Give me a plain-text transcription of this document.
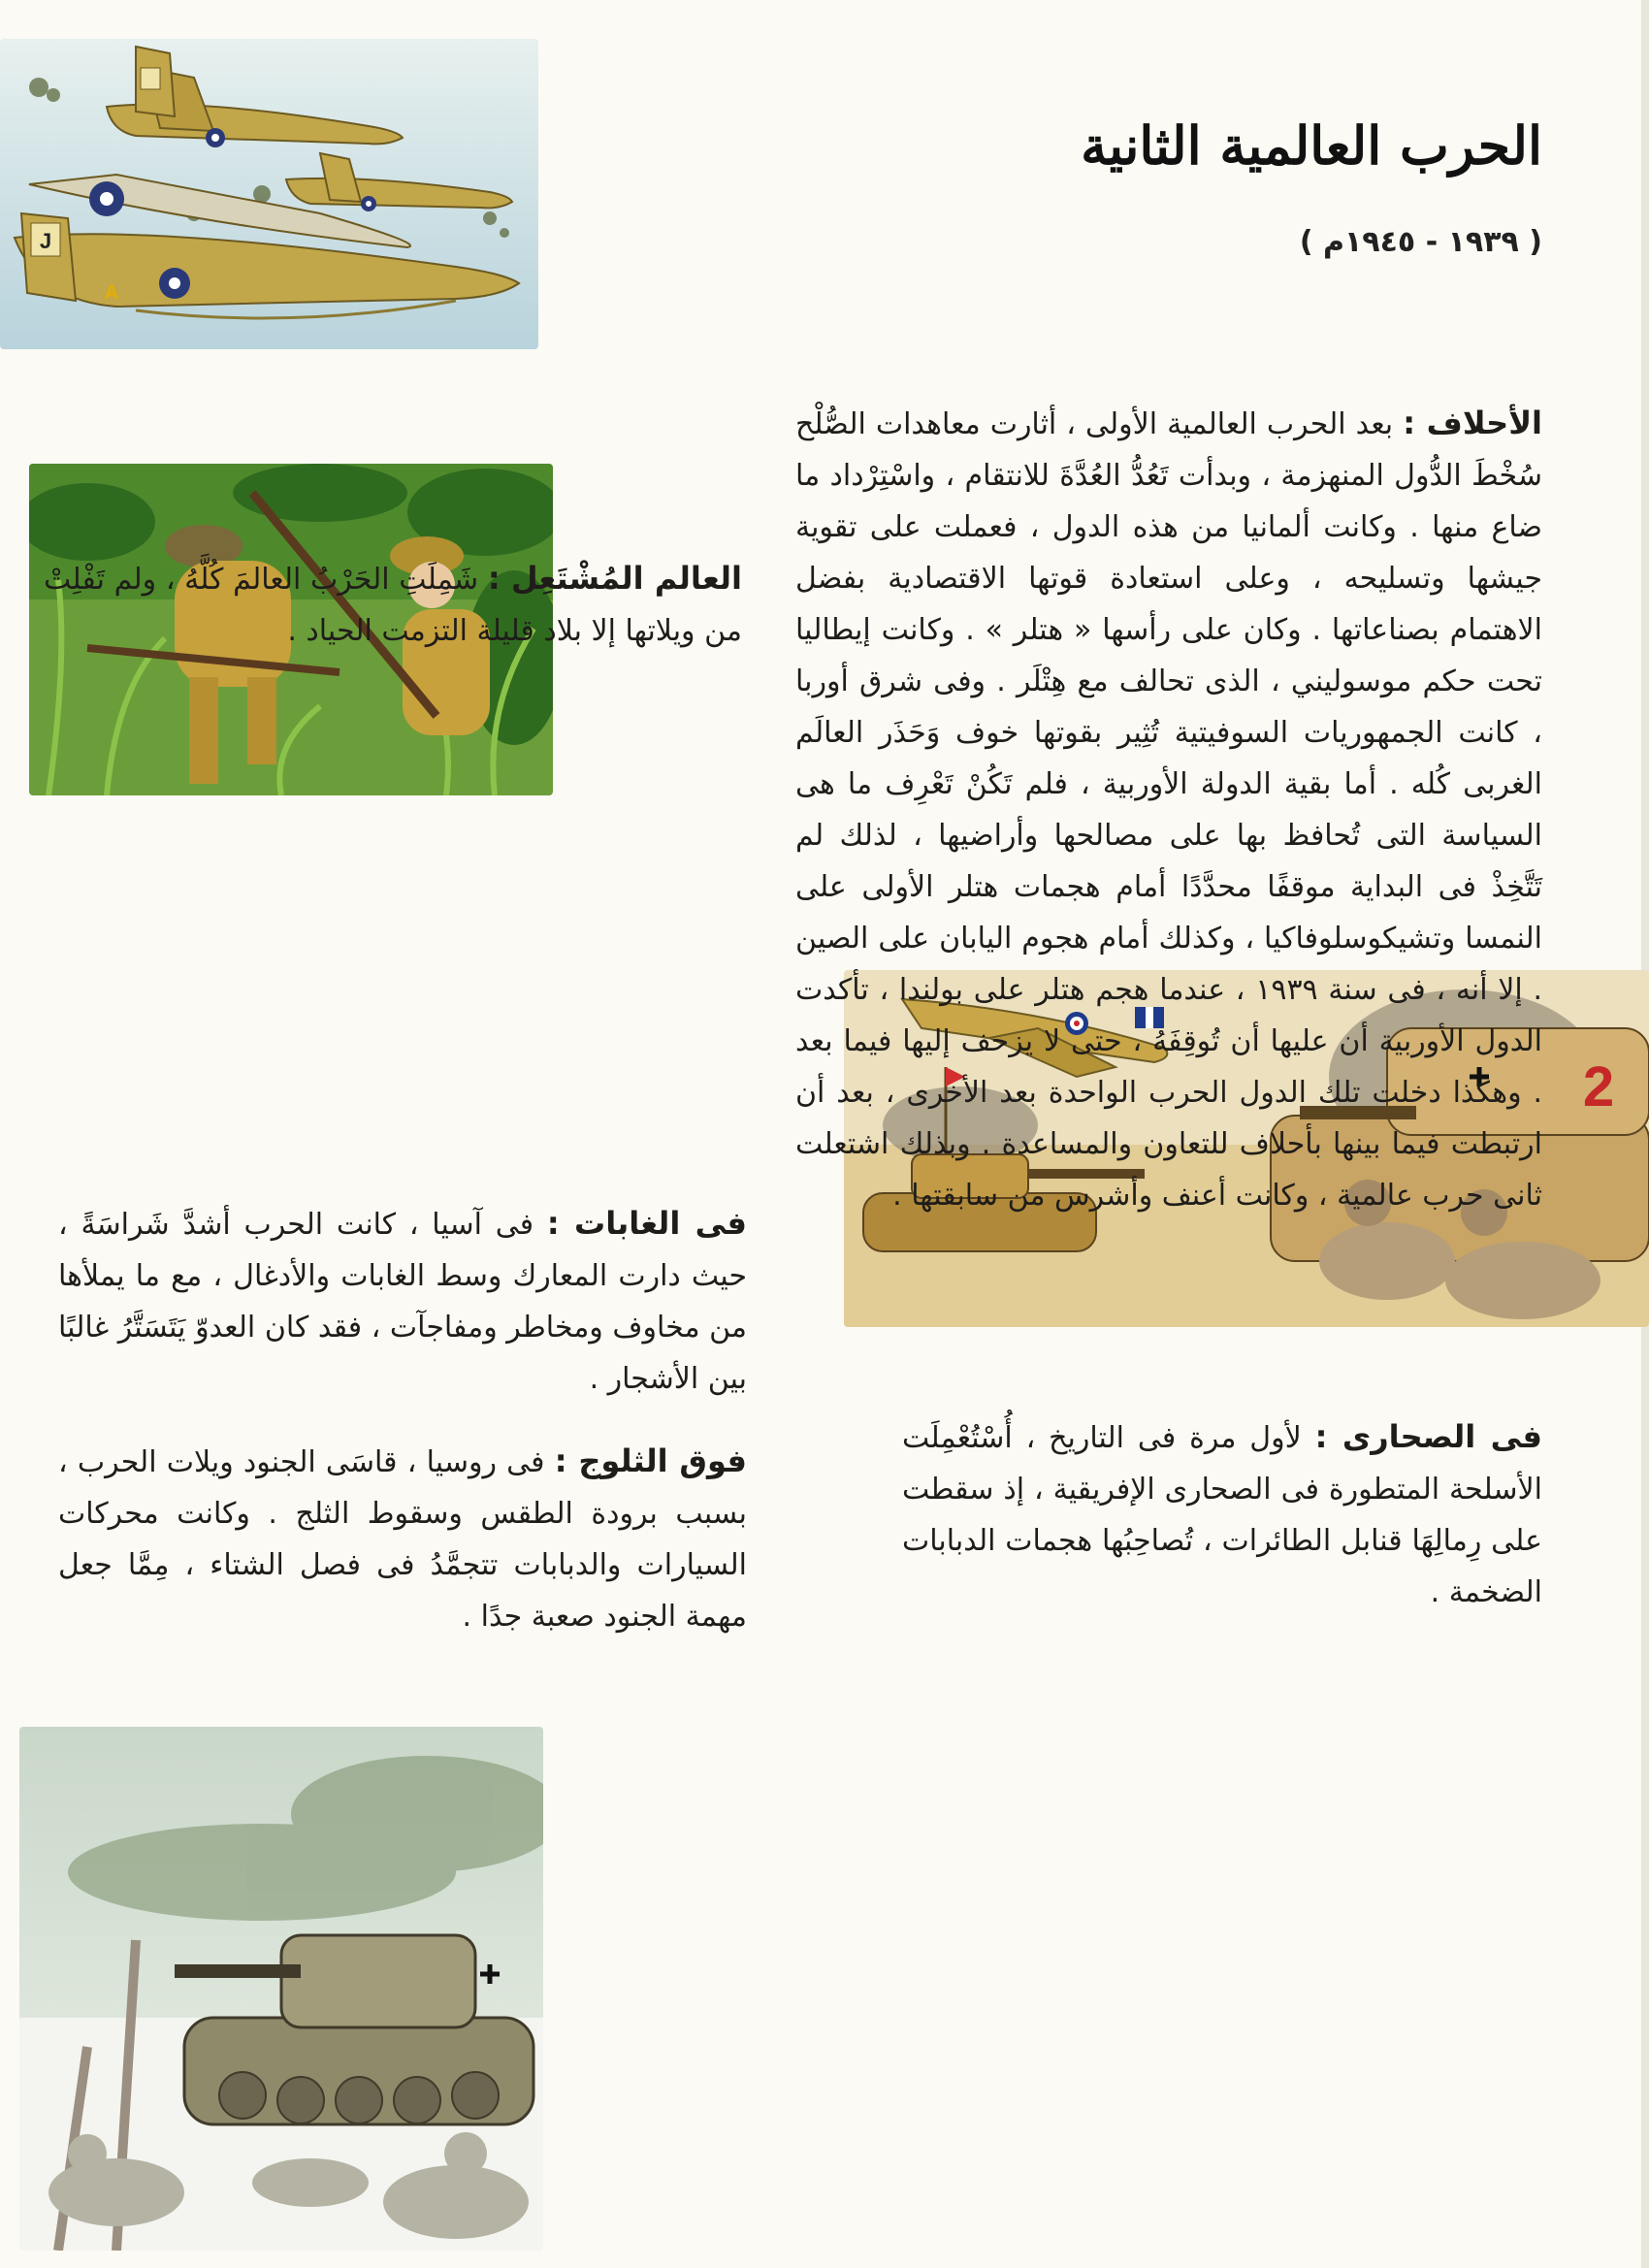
J
A
2
الحرب العالمية الثانية
( ١٩٣٩ - ١٩٤٥م )

الأحلاف : بعد الحرب العالمية الأولى ، أثارت معاهدات الصُّلْح سُخْطَ الدُّول المنهزمة ، وبدأت تَعُدُّ العُدَّةَ للانتقام ، واسْتِرْداد ما ضاع منها . وكانت ألمانيا من هذه الدول ، فعملت على تقوية جيشها وتسليحه ، وعلى استعادة قوتها الاقتصادية بفضل الاهتمام بصناعاتها . وكان على رأسها « هتلر » . وكانت إيطاليا تحت حكم موسوليني ، الذى تحالف مع هِتْلَر . وفى شرق أوربا ، كانت الجمهوريات السوفيتية تُثِير بقوتها خوف وَحَذَر العالَم الغربى كُله . أما بقية الدولة الأوربية ، فلم تَكُنْ تَعْرِف ما هى السياسة التى تُحافظ بها على مصالحها وأراضيها ، لذلك لم تَتَّخِذْ فى البداية موقفًا محدَّدًا أمام هجمات هتلر الأولى على النمسا وتشيكوسلوفاكيا ، وكذلك أمام هجوم اليابان على الصين . إلا أنه ، فى سنة ١٩٣٩ ، عندما هجم هتلر على بولندا ، تأكدت الدول الأوربية أن عليها أن تُوقِفَهُ ، حتى لا يزحف إليها فيما بعد . وهكذا دخلت تلك الدول الحرب الواحدة بعد الأخرى ، بعد أن ارتبطت فيما بينها بأحلاف للتعاون والمساعدة . وبذلك اشتعلت ثانى حرب عالمية ، وكانت أعنف وأشرس من سابقتها .

العالم المُشْتَعِل : شَمِلَتِ الحَرْبُ العالمَ كُلَّهُ ، ولم تَفْلِتْ من ويلاتها إلا بلاد قليلة التزمت الحياد .

فى الغابات : فى آسيا ، كانت الحرب أشدَّ شَراسَةً ، حيث دارت المعارك وسط الغابات والأدغال ، مع ما يملأها من مخاوف ومخاطر ومفاجآت ، فقد كان العدوّ يَتَسَتَّرُ غالبًا بين الأشجار .

فوق الثلوج : فى روسيا ، قاسَى الجنود ويلات الحرب ، بسبب برودة الطقس وسقوط الثلج . وكانت محركات السيارات والدبابات تتجمَّدُ فى فصل الشتاء ، مِمَّا جعل مهمة الجنود صعبة جدًا .

فى الصحارى : لأول مرة فى التاريخ ، أُسْتُعْمِلَت الأسلحة المتطورة فى الصحارى الإفريقية ، إذ سقطت على رِمالِهَا قنابل الطائرات ، تُصاحِبُها هجمات الدبابات الضخمة .
